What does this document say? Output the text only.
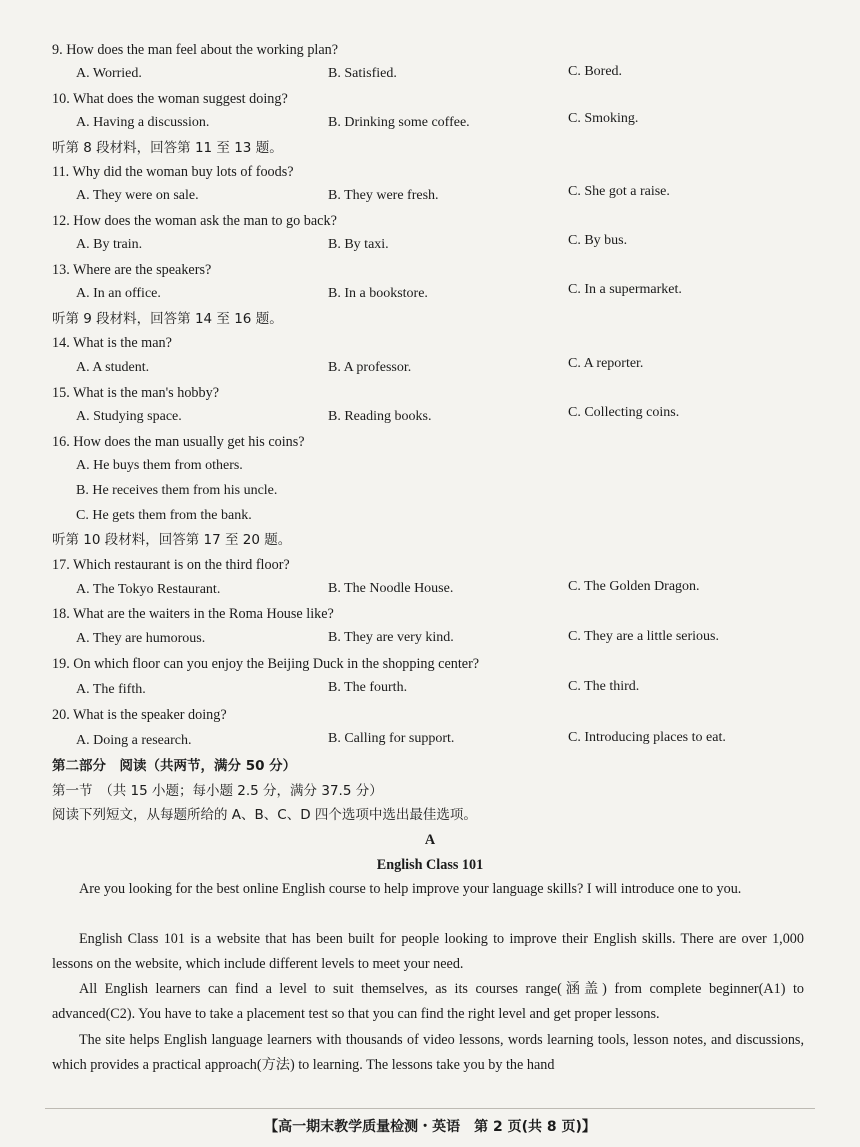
9. How does the man feel about the working plan?
A. Worried.	B. Satisfied.	C. Bored.
10. What does the woman suggest doing?
A. Having a discussion.	B. Drinking some coffee.	C. Smoking.
听第 8 段材料，回答第 11 至 13 题。
11. Why did the woman buy lots of foods?
A. They were on sale.	B. They were fresh.	C. She got a raise.
12. How does the woman ask the man to go back?
A. By train.	B. By taxi.	C. By bus.
13. Where are the speakers?
A. In an office.	B. In a bookstore.	C. In a supermarket.
听第 9 段材料，回答第 14 至 16 题。
14. What is the man?
A. A student.	B. A professor.	C. A reporter.
15. What is the man's hobby?
A. Studying space.	B. Reading books.	C. Collecting coins.
16. How does the man usually get his coins?
A. He buys them from others.
B. He receives them from his uncle.
C. He gets them from the bank.
听第 10 段材料，回答第 17 至 20 题。
17. Which restaurant is on the third floor?
A. The Tokyo Restaurant.	B. The Noodle House.	C. The Golden Dragon.
18. What are the waiters in the Roma House like?
A. They are humorous.	B. They are very kind.	C. They are a little serious.
19. On which floor can you enjoy the Beijing Duck in the shopping center?
A. The fifth.	B. The fourth.	C. The third.
20. What is the speaker doing?
A. Doing a research.	B. Calling for support.	C. Introducing places to eat.
第二部分　阅读（共两节，满分 50 分）
第一节　（共 15 小题；每小题 2.5 分，满分 37.5 分）
阅读下列短文，从每题所给的 A、B、C、D 四个选项中选出最佳选项。
A
English Class 101
Are you looking for the best online English course to help improve your language skills? I will introduce one to you.
English Class 101 is a website that has been built for people looking to improve their English skills. There are over 1,000 lessons on the website, which include different levels to meet your need.
All English learners can find a level to suit themselves, as its courses range(涵盖) from complete beginner(A1) to advanced(C2). You have to take a placement test so that you can find the right level and get proper lessons.
The site helps English language learners with thousands of video lessons, words learning tools, lesson notes, and discussions, which provides a practical approach(方法) to learning. The lessons take you by the hand
【高一期末教学质量检测・英语　第 2 页(共 8 页)】
